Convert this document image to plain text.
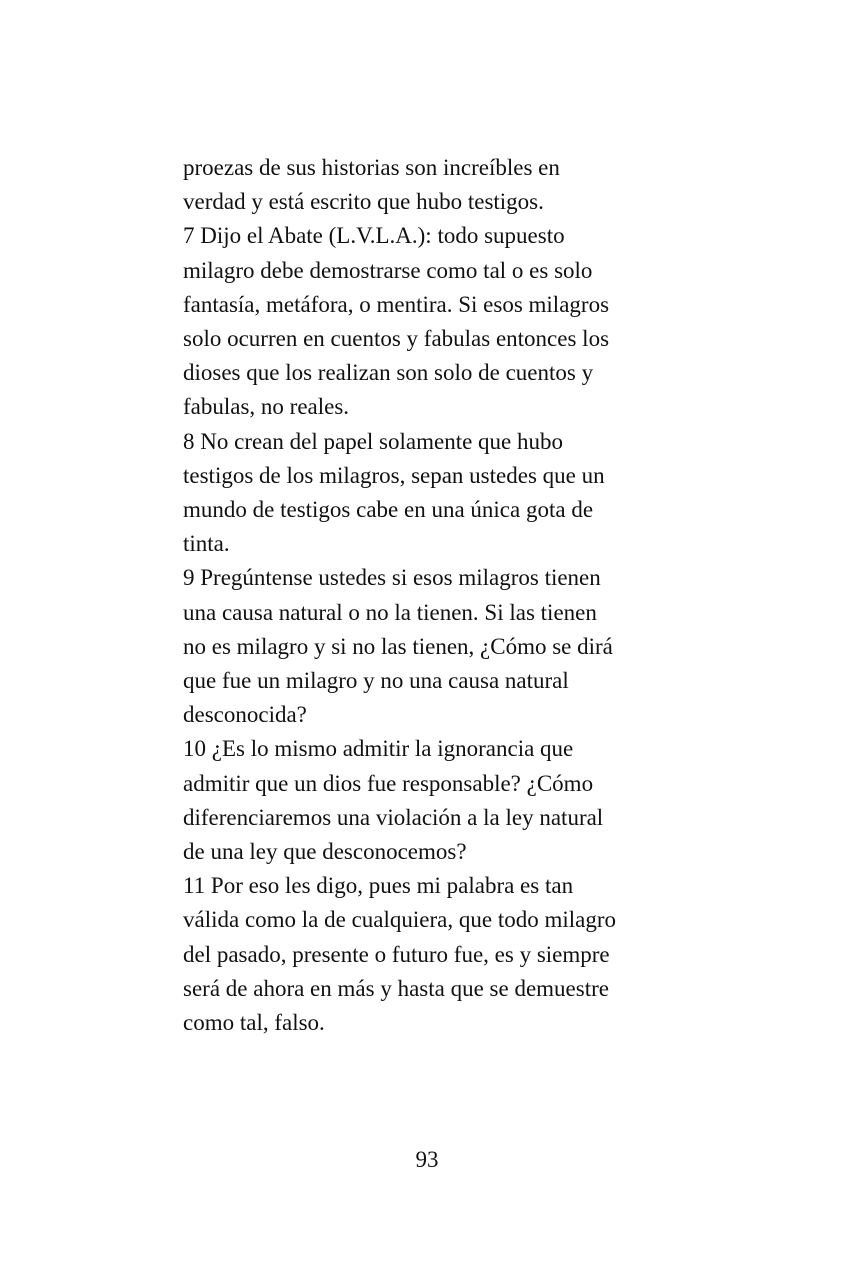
proezas de sus historias son increíbles en
verdad y está escrito que hubo testigos.
7 Dijo el Abate (L.V.L.A.): todo supuesto
milagro debe demostrarse como tal o es solo
fantasía, metáfora, o mentira. Si esos milagros
solo ocurren en cuentos y fabulas entonces los
dioses que los realizan son solo de cuentos y
fabulas, no reales.
8 No crean del papel solamente que hubo
testigos de los milagros, sepan ustedes que un
mundo de testigos cabe en una única gota de
tinta.
9 Pregúntense ustedes si esos milagros tienen
una causa natural o no la tienen. Si las tienen
no es milagro y si no las tienen, ¿Cómo se dirá
que fue un milagro y no una causa natural
desconocida?
10 ¿Es lo mismo admitir la ignorancia que
admitir que un dios fue responsable? ¿Cómo
diferenciaremos una violación a la ley natural
de una ley que desconocemos?
11 Por eso les digo, pues mi palabra es tan
válida como la de cualquiera, que todo milagro
del pasado, presente o futuro fue, es y siempre
será de ahora en más y hasta que se demuestre
como tal, falso.
93
